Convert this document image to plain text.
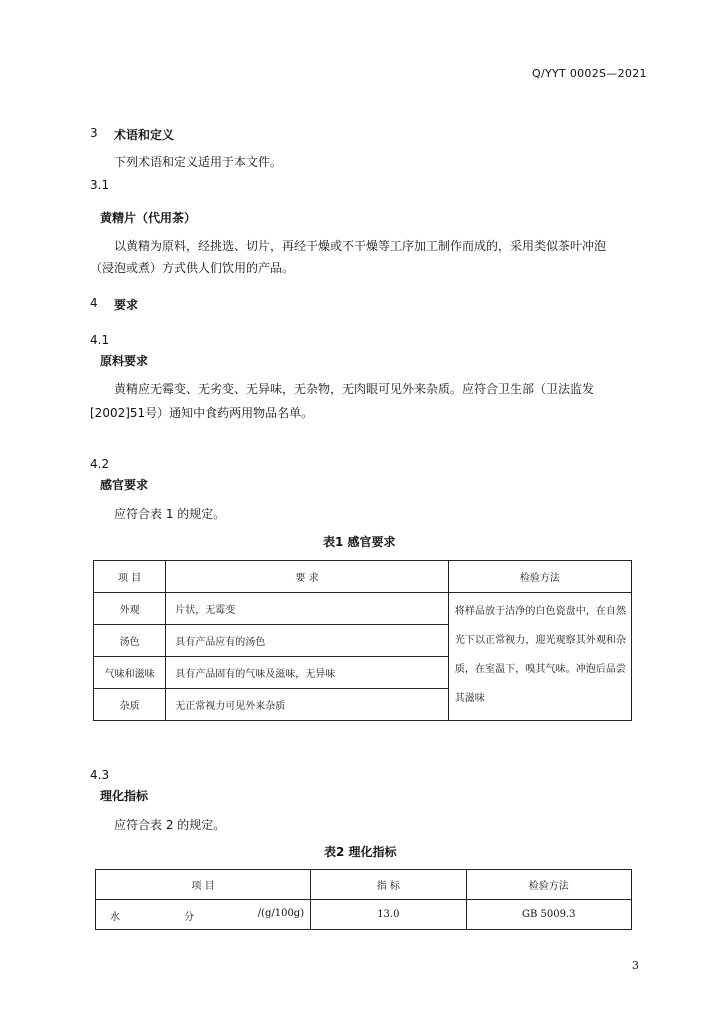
Q/YYT 0002S—2021
3 术语和定义
下列术语和定义适用于本文件。
3.1
黄精片（代用茶）
以黄精为原料，经挑选、切片，再经干燥或不干燥等工序加工制作而成的，采用类似茶叶冲泡
（浸泡或煮）方式供人们饮用的产品。
4 要求
4.1
原料要求
黄精应无霉变、无劣变、无异味，无杂物，无肉眼可见外来杂质。应符合卫生部（卫法监发
[2002]51号）通知中食药两用物品名单。
4.2
感官要求
应符合表 1 的规定。
表1 感官要求
项 目	要 求	检验方法
外观	片状，无霉变	将样品放于洁净的白色瓷盘中，在自然光下以正常视力，迎光观察其外观和杂质，在室温下，嗅其气味。冲泡后品尝其滋味
汤色	具有产品应有的汤色	
气味和滋味	具有产品固有的气味及滋味，无异味	
杂质	无正常视力可见外来杂质	
4.3
理化指标
应符合表 2 的规定。
表2 理化指标
项 目	指 标	检验方法

水 分 /(g/100g)	13.0	GB 5009.3
3
